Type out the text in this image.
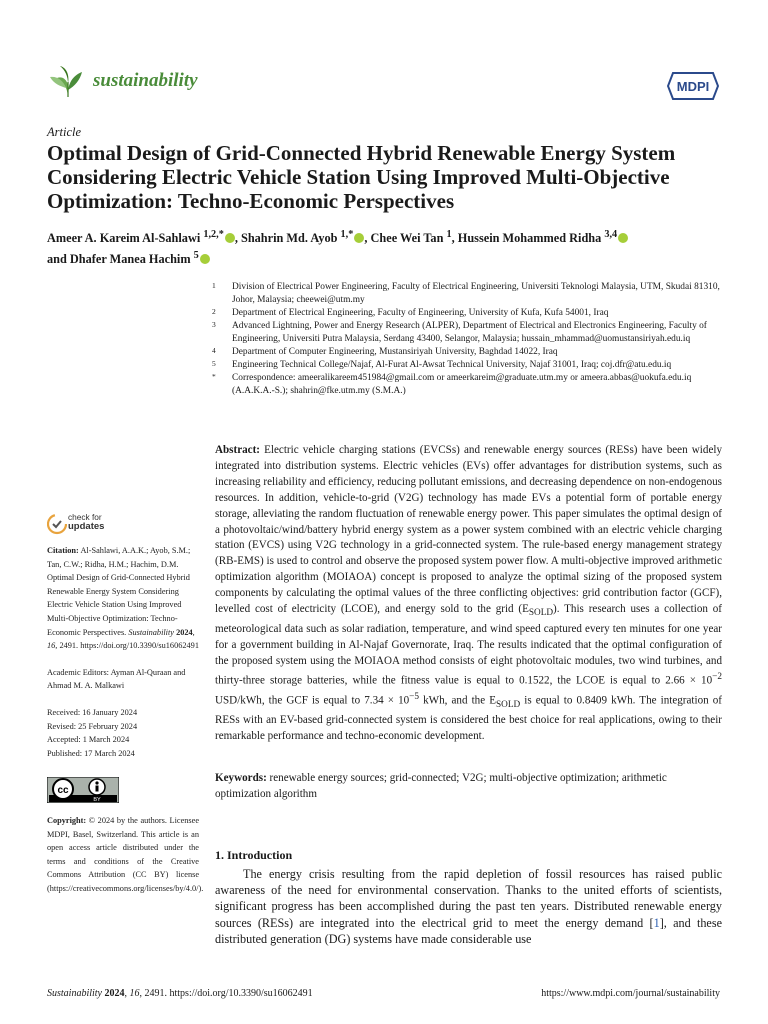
sustainability	MDPI
Article
Optimal Design of Grid-Connected Hybrid Renewable Energy System Considering Electric Vehicle Station Using Improved Multi-Objective Optimization: Techno-Economic Perspectives
Ameer A. Kareim Al-Sahlawi $^{1,2,*}$ , Shahrin Md. Ayob $^{1,*}$ , Chee Wei Tan $^1$, Hussein Mohammed Ridha $^{3,4}$
and Dhafer Manea Hachim $^5$
1 Division of Electrical Power Engineering, Faculty of Electrical Engineering, Universiti Teknologi Malaysia, UTM, Skudai 81310, Johor, Malaysia; cheewei@utm.my
2 Department of Electrical Engineering, Faculty of Engineering, University of Kufa, Kufa 54001, Iraq
3 Advanced Lightning, Power and Energy Research (ALPER), Department of Electrical and Electronics Engineering, Faculty of Engineering, Universiti Putra Malaysia, Serdang 43400, Selangor, Malaysia; hussain_mhammad@uomustansiriyah.edu.iq
4 Department of Computer Engineering, Mustansiriyah University, Baghdad 14022, Iraq
5 Engineering Technical College/Najaf, Al-Furat Al-Awsat Technical University, Najaf 31001, Iraq; coj.dfr@atu.edu.iq
* Correspondence: ameeralikareem451984@gmail.com or ameerkareim@graduate.utm.my or ameera.abbas@uokufa.edu.iq (A.A.K.A.-S.); shahrin@fke.utm.my (S.M.A.)
Abstract: Electric vehicle charging stations (EVCSs) and renewable energy sources (RESs) have been widely integrated into distribution systems. Electric vehicles (EVs) offer advantages for distribution systems, such as increasing reliability and efficiency, reducing pollutant emissions, and decreasing dependence on non-endogenous resources. In addition, vehicle-to-grid (V2G) technology has made EVs a potential form of portable energy storage, alleviating the random fluctuation of renewable energy power. This paper simulates the optimal design of a photovoltaic/wind/battery hybrid energy system as a power system combined with an electric vehicle charging station (EVCS) using V2G technology in a grid-connected system. The rule-based energy management strategy (RB-EMS) is used to control and observe the proposed system power flow. A multi-objective improved arithmetic optimization algorithm (MOIAOA) concept is proposed to analyze the optimal sizing of the proposed system components by calculating the optimal values of the three conflicting objectives: grid contribution factor (GCF), levelled cost of electricity (LCOE), and energy sold to the grid $(E_{SOLD})$. This research uses a collection of meteorological data such as solar radiation, temperature, and wind speed captured every ten minutes for one year for a government building in Al-Najaf Governorate, Iraq. The results indicated that the optimal configuration of the proposed system using the MOIAOA method consists of eight photovoltaic modules, two wind turbines, and thirty-three storage batteries, while the fitness value is equal to 0.1522, the LCOE is equal to $2.66 \times 10^{-2}$ USD/kWh, the GCF is equal to $7.34 \times 10^{-5}$ kWh, and the $E_{SOLD}$ is equal to 0.8409 kWh. The integration of RESs with an EV-based grid-connected system is considered the best choice for real applications, owing to their remarkable performance and techno-economic development.
Keywords: renewable energy sources; grid-connected; V2G; multi-objective optimization; arithmetic optimization algorithm
1. Introduction
The energy crisis resulting from the rapid depletion of fossil resources has raised public awareness of the need for environmental conservation. Thanks to the united efforts of scientists, significant progress has been accomplished during the past ten years. Distributed renewable energy sources (RESs) are integrated into the electrical grid to meet the energy demand [1], and these distributed generation (DG) systems have made considerable use
check for
updates

Citation: Al-Sahlawi, A.A.K.; Ayob, S.M.; Tan, C.W.; Ridha, H.M.; Hachim, D.M. Optimal Design of Grid-Connected Hybrid Renewable Energy System Considering Electric Vehicle Station Using Improved Multi-Objective Optimization: Techno-Economic Perspectives. Sustainability 2024, 16, 2491. https://doi.org/10.3390/su16062491

Academic Editors: Ayman Al-Quraan and Ahmad M. A. Malkawi

Received: 16 January 2024

Revised: 25 February 2024

Accepted: 1 March 2024

Published: 17 March 2024

cc
BY

Copyright: © 2024 by the authors. Licensee MDPI, Basel, Switzerland. This article is an open access article distributed under the terms and conditions of the Creative Commons Attribution (CC BY) license (https://creativecommons.org/licenses/by/4.0/).

Sustainability 2024, 16, 2491. https://doi.org/10.3390/su16062491	https://www.mdpi.com/journal/sustainability
